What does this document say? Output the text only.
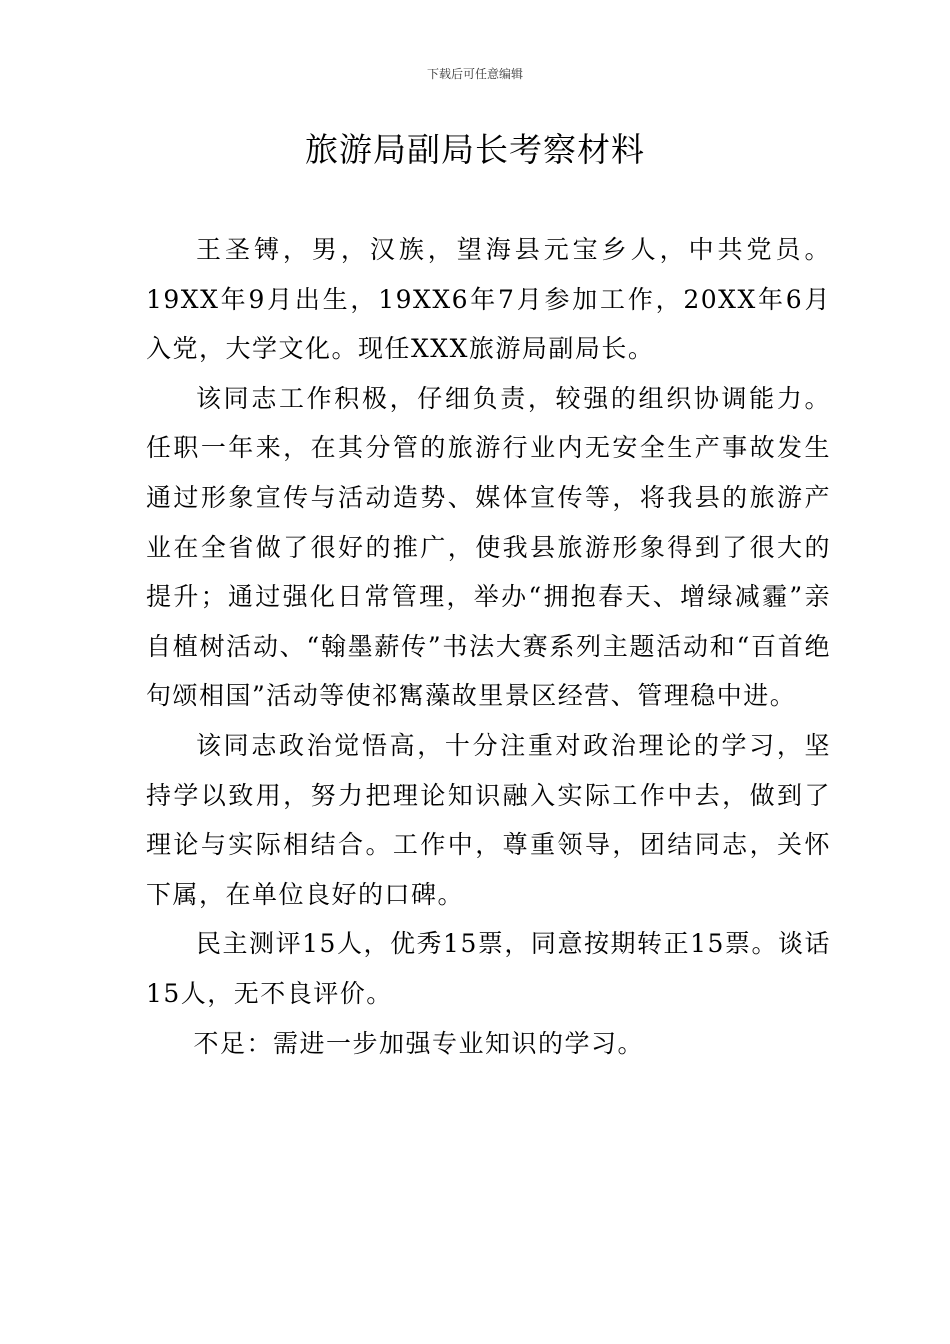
下载后可任意编辑
旅游局副局长考察材料

王圣镈，男，汉族，望海县元宝乡人，中共党员。19XX年9月出生，19XX6年7月参加工作，20XX年6月入党，大学文化。现任XXX旅游局副局长。

该同志工作积极，仔细负责，较强的组织协调能力。任职一年来，在其分管的旅游行业内无安全生产事故发生通过形象宣传与活动造势、媒体宣传等，将我县的旅游产业在全省做了很好的推广，使我县旅游形象得到了很大的提升；通过强化日常管理，举办“拥抱春天、增绿减霾”亲自植树活动、“翰墨薪传”书法大赛系列主题活动和“百首绝句颂相国”活动等使祁寯藻故里景区经营、管理稳中进。

该同志政治觉悟高，十分注重对政治理论的学习，坚持学以致用，努力把理论知识融入实际工作中去，做到了理论与实际相结合。工作中，尊重领导，团结同志，关怀下属，在单位良好的口碑。

民主测评15人，优秀15票，同意按期转正15票。谈话15人，无不良评价。

不足：需进一步加强专业知识的学习。
